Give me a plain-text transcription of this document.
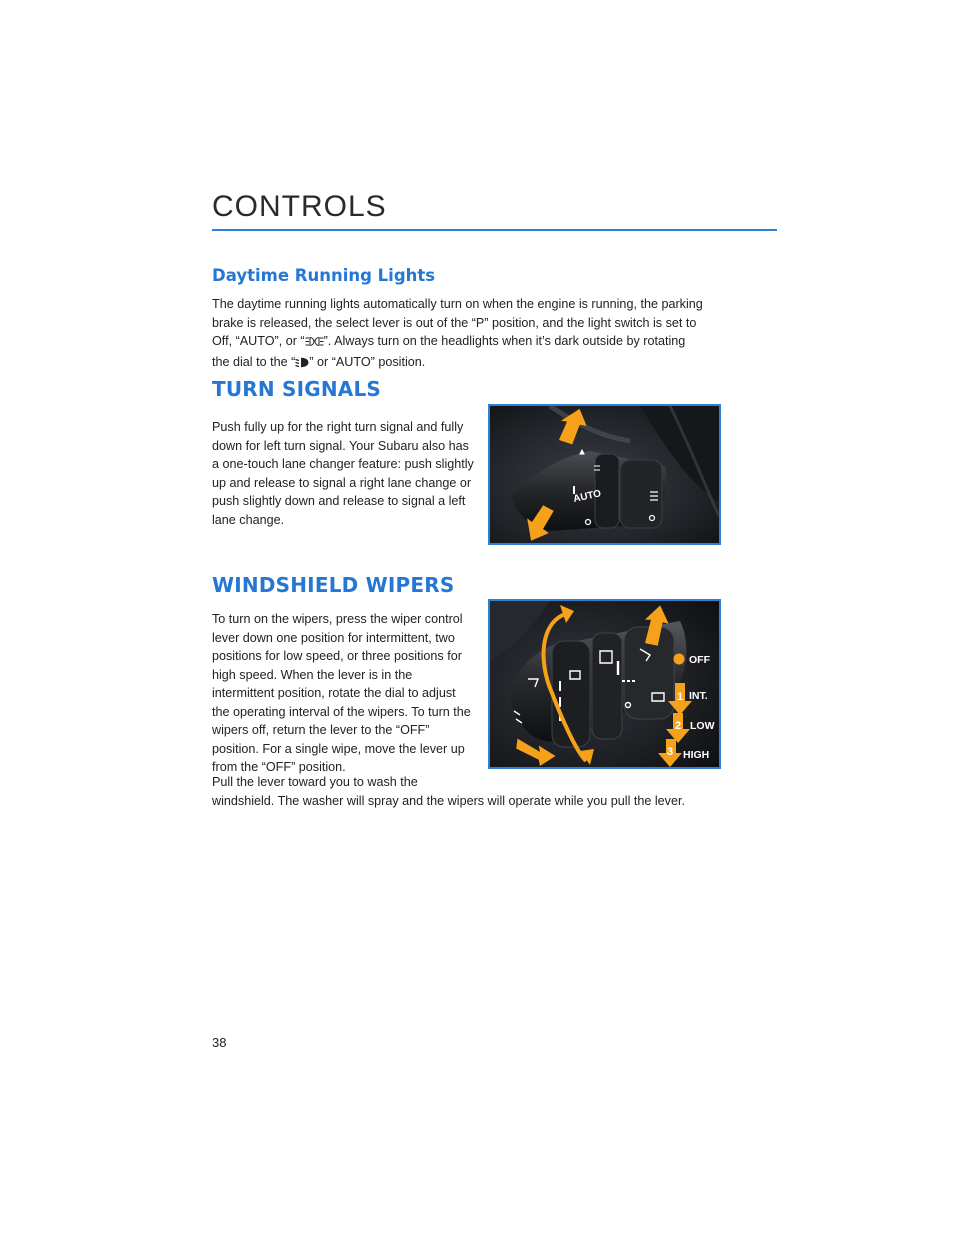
CONTROLS
Daytime Running Lights
The daytime running lights automatically turn on when the engine is running, the parking
brake is released, the select lever is out of the “P” position, and the light switch is set to
Off, “AUTO”, or “ ”. Always turn on the headlights when it’s dark outside by rotating
the dial to the “ ” or “AUTO” position.
TURN SIGNALS
Push fully up for the right turn signal and fully
down for left turn signal. Your Subaru also has
a one-touch lane changer feature: push slightly
up and release to signal a right lane change or
push slightly down and release to signal a left
lane change.
AUTO
WINDSHIELD WIPERS
To turn on the wipers, press the wiper control
lever down one position for intermittent, two
positions for low speed, or three positions for
high speed. When the lever is in the
intermittent position, rotate the dial to adjust
the operating interval of the wipers. To turn the
wipers off, return the lever to the “OFF”
position. For a single wipe, move the lever up
from the “OFF” position.
Pull the lever toward you to wash the
windshield. The washer will spray and the wipers will operate while you pull the lever.
OFF
1 INT.
2 LOW
3 HIGH
38
